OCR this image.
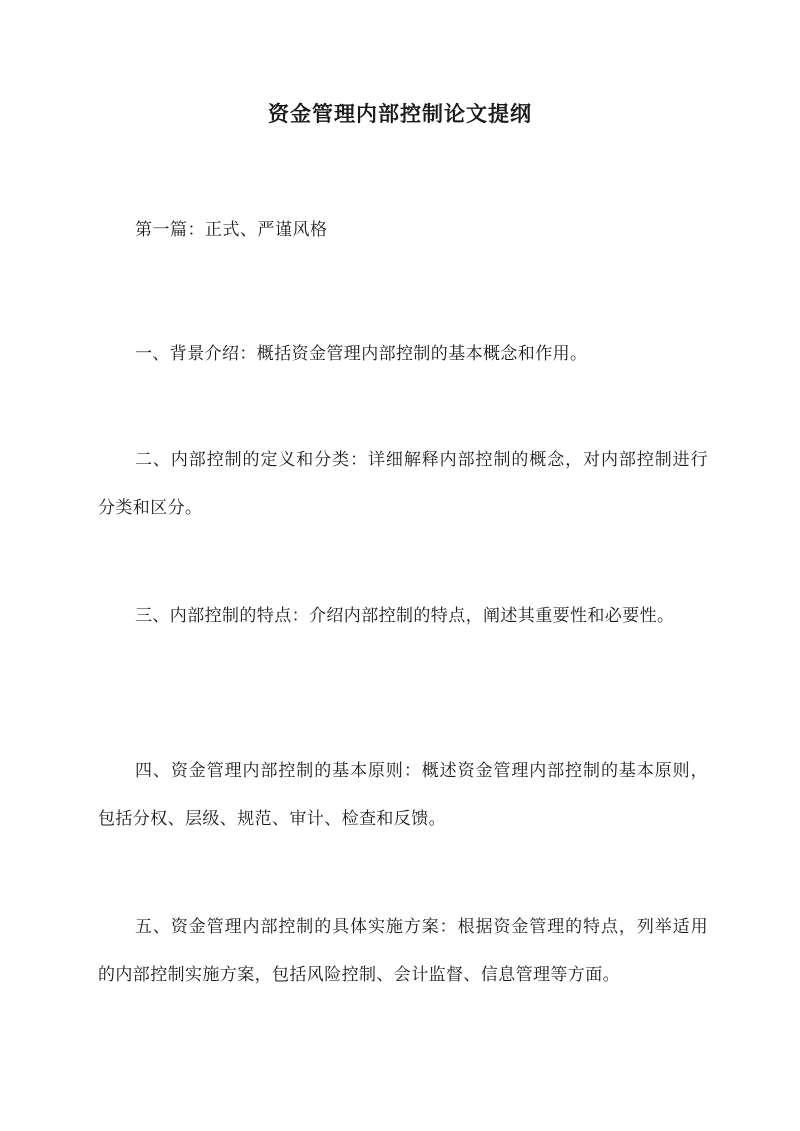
资金管理内部控制论文提纲
第一篇：正式、严谨风格

一、背景介绍：概括资金管理内部控制的基本概念和作用。

二、内部控制的定义和分类：详细解释内部控制的概念，对内部控制进行分类和区分。

三、内部控制的特点：介绍内部控制的特点，阐述其重要性和必要性。

四、资金管理内部控制的基本原则：概述资金管理内部控制的基本原则，包括分权、层级、规范、审计、检查和反馈。

五、资金管理内部控制的具体实施方案：根据资金管理的特点，列举适用的内部控制实施方案，包括风险控制、会计监督、信息管理等方面。
